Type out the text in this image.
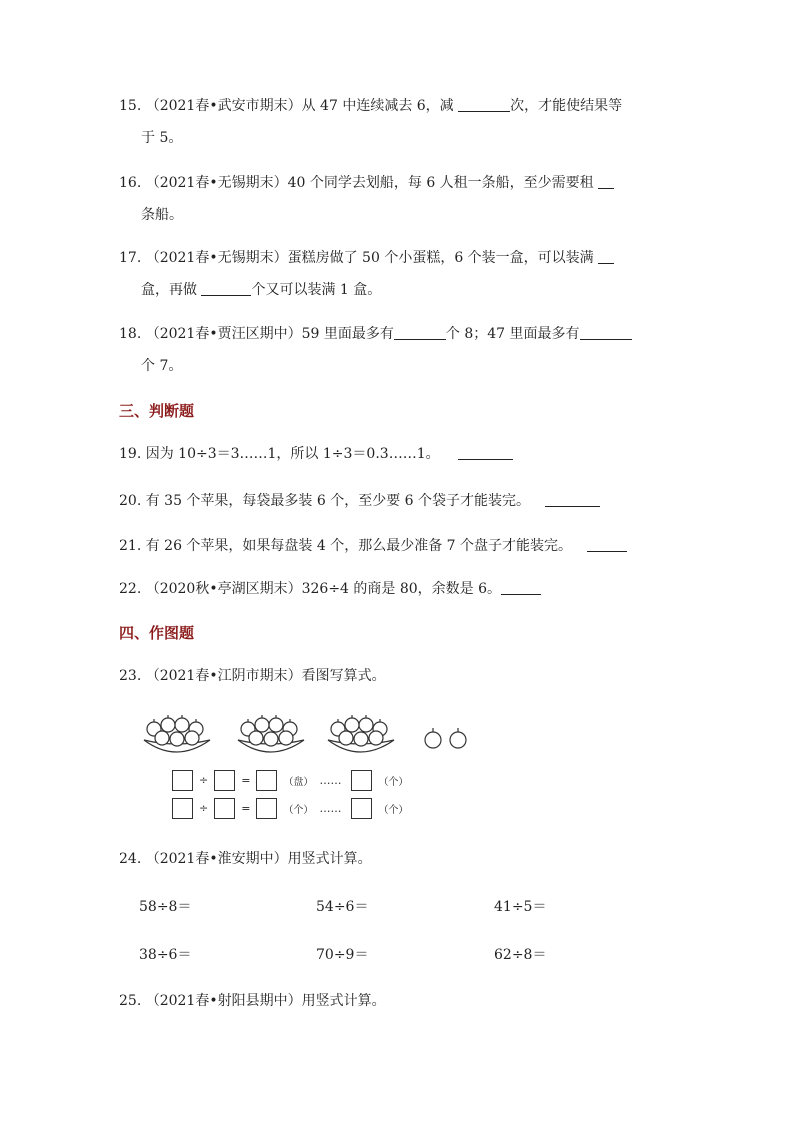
15. （2021春•武安市期末）从 47 中连续减去 6，减	次，才能使结果等
于 5。
16. （2021春•无锡期末）40 个同学去划船，每 6 人租一条船，至少需要租
条船。
17. （2021春•无锡期末）蛋糕房做了 50 个小蛋糕，6 个装一盒，可以装满
盒，再做	个又可以装满 1 盒。
18. （2021春•贾汪区期中）59 里面最多有	个 8；47 里面最多有
个 7。
三、判断题
19. 因为 10÷3＝3……1，所以 1÷3＝0.3……1。
20. 有 35 个苹果，每袋最多装 6 个，至少要 6 个袋子才能装完。
21. 有 26 个苹果，如果每盘装 4 个，那么最少准备 7 个盘子才能装完。
22. （2020秋•亭湖区期末）326÷4 的商是 80，余数是 6。
四、作图题
23. （2021春•江阴市期末）看图写算式。
÷	=	（盘） ……	（个）
÷	=	（个） ……	（个）
24. （2021春•淮安期中）用竖式计算。
58÷8＝	54÷6＝	41÷5＝
38÷6＝	70÷9＝	62÷8＝
25. （2021春•射阳县期中）用竖式计算。
